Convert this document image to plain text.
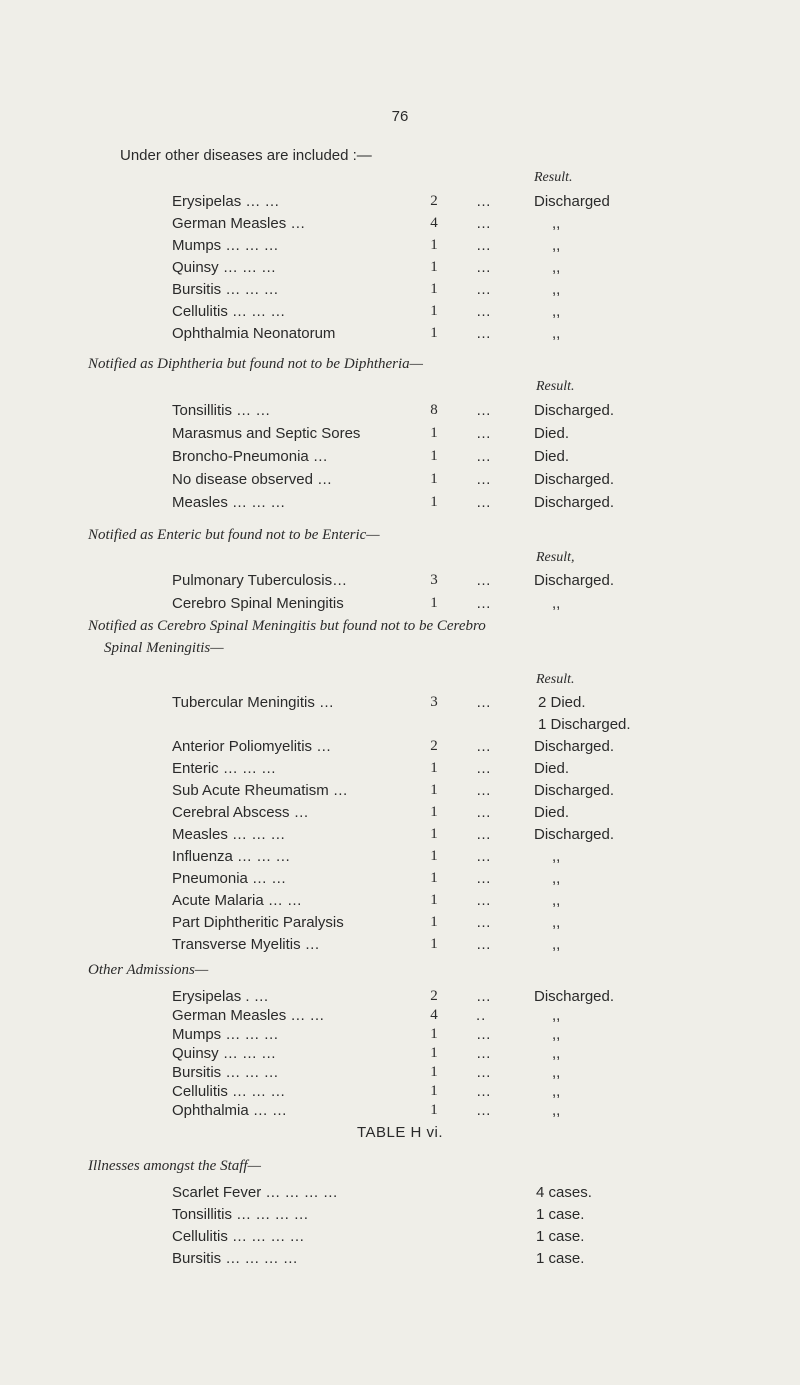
76
Under other diseases are included :—
Result.
Erysipelas … …	2	…	Discharged
German Measles …	4	…	,,
Mumps … … …	1	…	,,
Quinsy … … …	1	…	,,
Bursitis … … …	1	…	,,
Cellulitis … … …	1	…	,,
Ophthalmia Neonatorum	1	…	,,
Notified as Diphtheria but found not to be Diphtheria—
Result.
Tonsillitis … …	8	…	Discharged.
Marasmus and Septic Sores	1	…	Died.
Broncho-Pneumonia …	1	…	Died.
No disease observed …	1	…	Discharged.
Measles … … …	1	…	Discharged.
Notified as Enteric but found not to be Enteric—
Result,
Pulmonary Tuberculosis…	3	…	Discharged.
Cerebro Spinal Meningitis	1	…	,,
Notified as Cerebro Spinal Meningitis but found not to be Cerebro
Spinal Meningitis—
Result.
Tubercular Meningitis …	3	…	2 Died.
1 Discharged.
Anterior Poliomyelitis …	2	…	Discharged.
Enteric … … …	1	…	Died.
Sub Acute Rheumatism …	1	…	Discharged.
Cerebral Abscess …	1	…	Died.
Measles … … …	1	…	Discharged.
Influenza … … …	1	…	,,
Pneumonia … …	1	…	,,
Acute Malaria … …	1	…	,,
Part Diphtheritic Paralysis	1	…	,,
Transverse Myelitis …	1	…	,,
Other Admissions—
Erysipelas . …	2	…	Discharged.
German Measles … …	4	..	,,
Mumps … … …	1	…	,,
Quinsy … … …	1	…	,,
Bursitis … … …	1	…	,,
Cellulitis … … …	1	…	,,
Ophthalmia … …	1	…	,,
TABLE H vi.
Illnesses amongst the Staff—
Scarlet Fever … … … …	4 cases.
Tonsillitis … … … …	1 case.
Cellulitis … … … …	1 case.
Bursitis … … … …	1 case.
